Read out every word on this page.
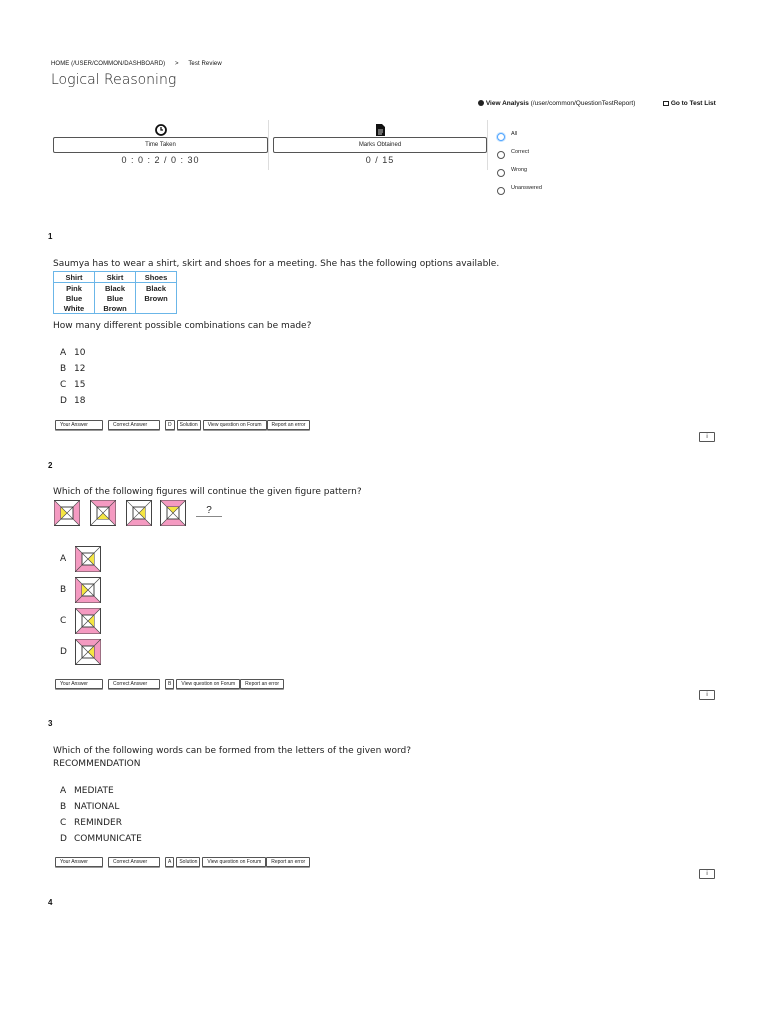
HOME (/USER/COMMON/DASHBOARD) > Test Review
Logical Reasoning
View Analysis (/user/common/QuestionTestReport)	Go to Test List
Time Taken
0 : 0 : 2 / 0 : 30
Marks Obtained
0 / 15
All
Correct
Wrong
Unanswered
1
Saumya has to wear a shirt, skirt and shoes for a meeting. She has the following options available.
Shirt	Skirt	Shoes
Pink	Black	Black
Blue	Blue	Brown
White	Brown	
How many different possible combinations can be made?
A 10
B 12
C 15
D 18
Your Answer	Correct Answer	D	Solution	View question on Forum	Report an error
i
2
Which of the following figures will continue the given figure pattern?
?
A
B
C
D
Your Answer	Correct Answer	B	View question on Forum	Report an error
i
3
Which of the following words can be formed from the letters of the given word?
RECOMMENDATION
A MEDIATE
B NATIONAL
C REMINDER
D COMMUNICATE
Your Answer	Correct Answer	A	Solution	View question on Forum	Report an error
i
4
